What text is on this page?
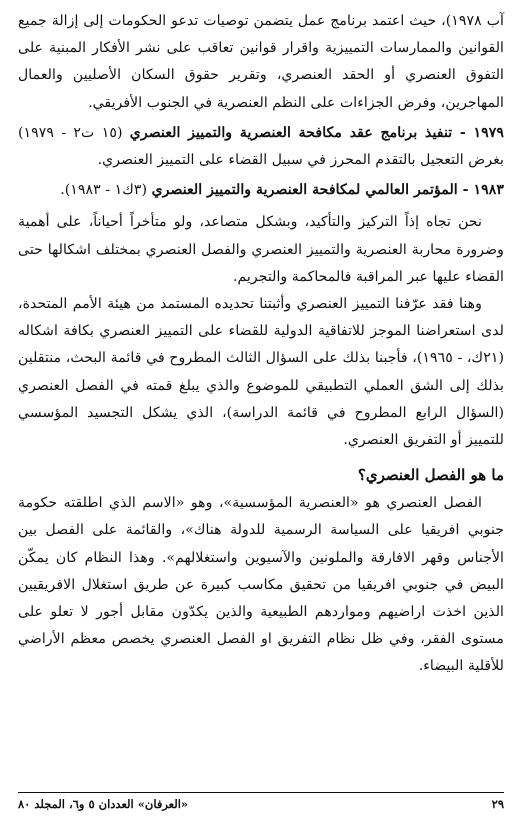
آب ١٩٧٨)، حيث اعتمد برنامج عمل يتضمن توصيات تدعو الحكومات إلى إزالة جميع القوانين والممارسات التمييزية واقرار قوانين تعاقب على نشر الأفكار المبنية على التفوق العنصري أو الحقد العنصري، وتقرير حقوق السكان الأصليين والعمال المهاجرين، وفرض الجزاءات على النظم العنصرية في الجنوب الأفريقي.

١٩٧٩ - تنفيذ برنامج عقد مكافحة العنصرية والتمييز العنصري (١٥ ت٢ - ١٩٧٩) بغرض التعجيل بالتقدم المحرز في سبيل القضاء على التمييز العنصري.

١٩٨٣ - المؤتمر العالمي لمكافحة العنصرية والتمييز العنصري (٣ك١ - ١٩٨٣).

نحن تجاه إذاً التركيز والتأكيد، وبشكل متصاعد، ولو متأخراً أحياناً، على أهمية وضرورة محاربة العنصرية والتمييز العنصري والفصل العنصري بمختلف اشكالها حتى القضاء عليها عبر المراقبة فالمحاكمة والتجريم.

وهنا فقد عرّفنا التمييز العنصري وأثبتنا تحديده المستمد من هيئة الأمم المتحدة، لدى استعراضنا الموجز للاتفاقية الدولية للقضاء على التمييز العنصري بكافة اشكاله (٢١ك، - ١٩٦٥)، فأجبنا بذلك على السؤال الثالث المطروح في قائمة البحث، منتقلين بذلك إلى الشق العملي التطبيقي للموضوع والذي يبلغ قمته في الفصل العنصري (السؤال الرابع المطروح في قائمة الدراسة)، الذي يشكل التجسيد المؤسسي للتمييز أو التفريق العنصري.

ما هو الفصل العنصري؟

الفصل العنصري هو «العنصرية المؤسسية»، وهو «الاسم الذي اطلقته حكومة جنوبي افريقيا على السياسة الرسمية للدولة هناك»، والقائمة على الفصل بين الأجناس وقهر الافارقة والملونين والآسيوين واستغلالهم». وهذا النظام كان يمكّن البيض في جنوبي افريقيا من تحقيق مكاسب كبيرة عن طريق استغلال الافريقيين الذين اخذت اراضيهم ومواردهم الطبيعية والذين يكدّون مقابل أجور لا تعلو على مستوى الفقر، وفي ظل نظام التفريق او الفصل العنصري يخصص معظم الأراضي للأقلية البيضاء.

٢٩
«العرفان» العددان ٥ و٦، المجلد ٨٠
